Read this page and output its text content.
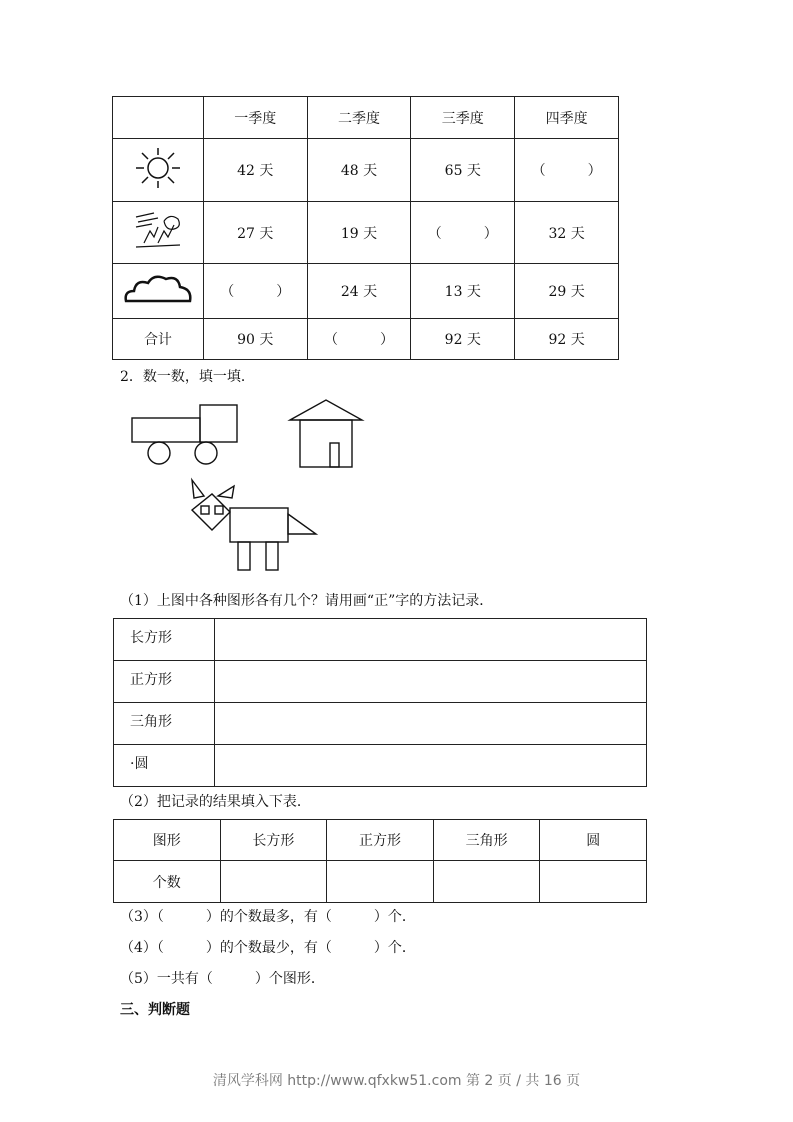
	一季度	二季度	三季度	四季度
	42 天	48 天	65 天	（　　　）
	27 天	19 天	（　　　）	32 天
	（　　　）	24 天	13 天	29 天
合计	90 天	（　　　）	92 天	92 天
2．数一数，填一填．
（1）上图中各种图形各有几个？请用画“正”字的方法记录．
长方形	
正方形	
三角形	
·圆	
（2）把记录的结果填入下表．
图形	长方形	正方形	三角形	圆
个数				
（3）（　　　）的个数最多，有（　　　）个．
（4）（　　　）的个数最少，有（　　　）个．
（5）一共有（　　　）个图形．
三、判断题
清风学科网 http://www.qfxkw51.com 第 2 页 / 共 16 页
